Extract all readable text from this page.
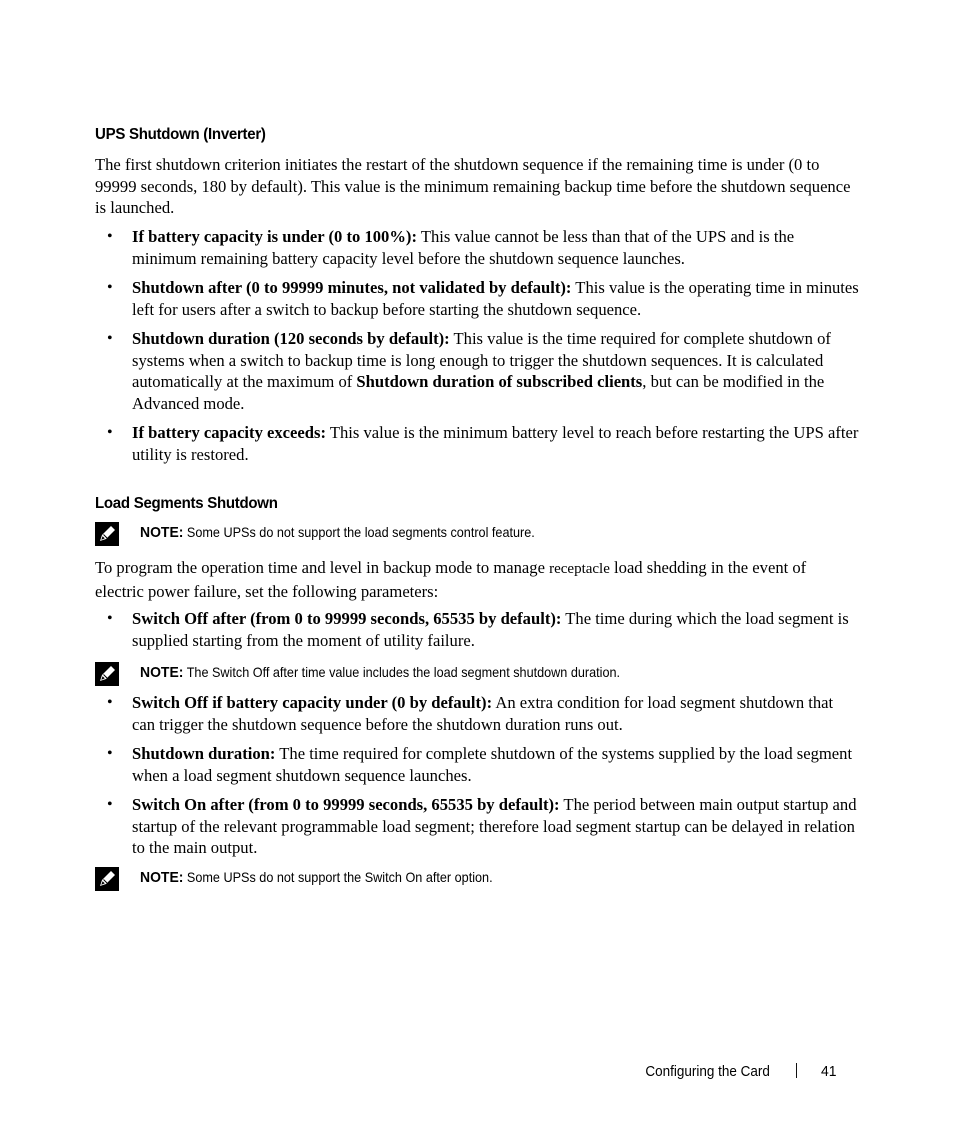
UPS Shutdown (Inverter)
The first shutdown criterion initiates the restart of the shutdown sequence if the remaining time is under (0 to 99999 seconds, 180 by default). This value is the minimum remaining backup time before the shutdown sequence is launched.
• If battery capacity is under (0 to 100%): This value cannot be less than that of the UPS and is the minimum remaining battery capacity level before the shutdown sequence launches.
• Shutdown after (0 to 99999 minutes, not validated by default): This value is the operating time in minutes left for users after a switch to backup before starting the shutdown sequence.
• Shutdown duration (120 seconds by default): This value is the time required for complete shutdown of systems when a switch to backup time is long enough to trigger the shutdown sequences. It is calculated automatically at the maximum of Shutdown duration of subscribed clients, but can be modified in the Advanced mode.
• If battery capacity exceeds: This value is the minimum battery level to reach before restarting the UPS after utility is restored.
Load Segments Shutdown
NOTE: Some UPSs do not support the load segments control feature.
To program the operation time and level in backup mode to manage receptacle load shedding in the event of electric power failure, set the following parameters:
• Switch Off after (from 0 to 99999 seconds, 65535 by default): The time during which the load segment is supplied starting from the moment of utility failure.
NOTE: The Switch Off after time value includes the load segment shutdown duration.
• Switch Off if battery capacity under (0 by default): An extra condition for load segment shutdown that can trigger the shutdown sequence before the shutdown duration runs out.
• Shutdown duration: The time required for complete shutdown of the systems supplied by the load segment when a load segment shutdown sequence launches.
• Switch On after (from 0 to 99999 seconds, 65535 by default): The period between main output startup and startup of the relevant programmable load segment; therefore load segment startup can be delayed in relation to the main output.
NOTE: Some UPSs do not support the Switch On after option.
Configuring the Card	41
